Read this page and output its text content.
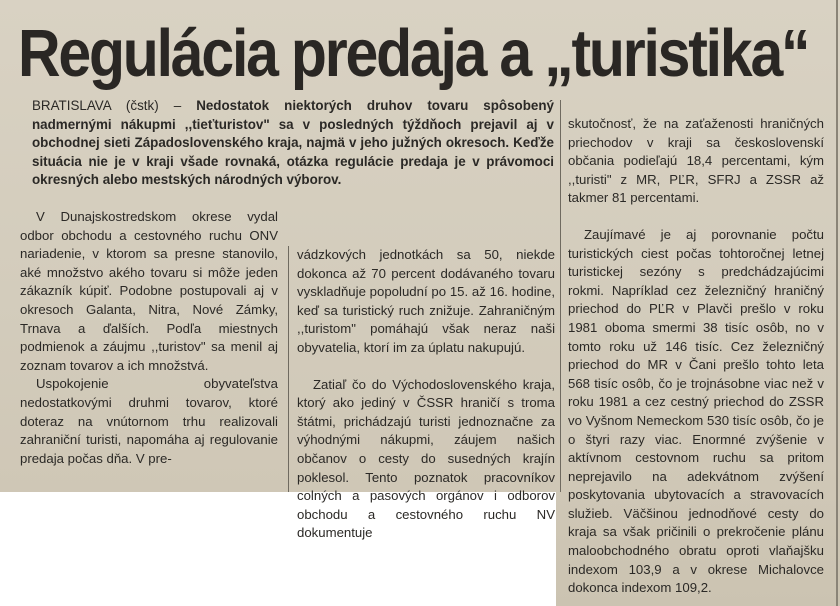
Regulácia predaja a „turistika“
BRATISLAVA (čstk) – Nedostatok niektorých druhov tovaru spôsobený nadmernými nákupmi ,,tieťturistov" sa v posledných týždňoch prejavil aj v obchodnej sieti Západoslovenského kraja, najmä v jeho južných okresoch. Keďže situácia nie je v kraji všade rovnaká, otázka regulácie predaja je v právomoci okresných alebo mestských národných výborov.

V Dunajskostredskom okrese vydal odbor obchodu a cestovného ruchu ONV nariadenie, v ktorom sa presne stanovilo, aké množstvo akého tovaru si môže jeden zákazník kúpiť. Podobne postupovali aj v okresoch Galanta, Nitra, Nové Zámky, Trnava a ďalších. Podľa miestnych podmienok a záujmu ,,turistov" sa menil aj zoznam tovarov a ich množstvá.

Uspokojenie obyvateľstva nedostatkovými druhmi tovarov, ktoré doteraz na vnútornom trhu realizovali zahraniční turisti, napomáha aj regulovanie predaja počas dňa. V pre-

vádzkových jednotkách sa 50, niekde dokonca až 70 percent dodávaného tovaru vyskladňuje popoludní po 15. až 16. hodine, keď sa turistický ruch znižuje. Zahraničným ,,turistom" pomáhajú však neraz naši obyvatelia, ktorí im za úplatu nakupujú.

Zatiaľ čo do Východoslovenského kraja, ktorý ako jediný v ČSSR hraničí s troma štátmi, prichádzajú turisti jednoznačne za výhodnými nákupmi, záujem našich občanov o cesty do susedných krajín poklesol. Tento poznatok pracovníkov colných a pasových orgánov i odborov obchodu a cestovného ruchu NV dokumentuje

skutočnosť, že na zaťaženosti hraničných priechodov v kraji sa československí občania podieľajú 18,4 percentami, kým ,,turisti" z MR, PĽR, SFRJ a ZSSR až takmer 81 percentami.

Zaujímavé je aj porovnanie počtu turistických ciest počas tohtoročnej letnej turistickej sezóny s predchádzajúcimi rokmi. Napríklad cez železničný hraničný priechod do PĽR v Plavči prešlo v roku 1981 oboma smermi 38 tisíc osôb, no v tomto roku už 146 tisíc. Cez železničný priechod do MR v Čani prešlo tohto leta 568 tisíc osôb, čo je trojnásobne viac než v roku 1981 a cez cestný priechod do ZSSR vo Vyšnom Nemeckom 530 tisíc osôb, čo je o štyri razy viac. Enormné zvýšenie v aktívnom cestovnom ruchu sa pritom neprejavilo na adekvátnom zvýšení poskytovania ubytovacích a stravovacích služieb. Väčšinou jednodňové cesty do kraja sa však pričinili o prekročenie plánu maloobchodného obratu oproti vlaňajšku indexom 103,9 a v okrese Michalovce dokonca indexom 109,2.
